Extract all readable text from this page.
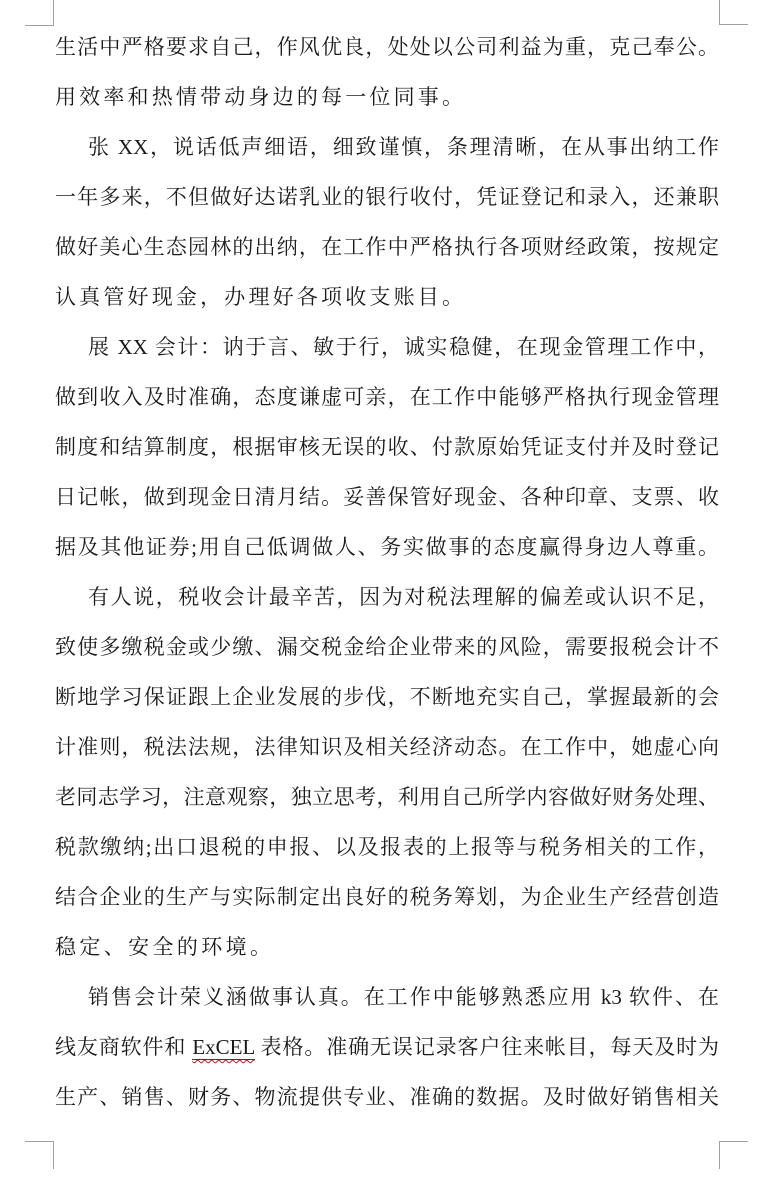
生活中严格要求自己，作风优良，处处以公司利益为重，克己奉公。
用效率和热情带动身边的每一位同事。
张 XX，说话低声细语，细致谨慎，条理清晰，在从事出纳工作
一年多来，不但做好达诺乳业的银行收付，凭证登记和录入，还兼职
做好美心生态园林的出纳，在工作中严格执行各项财经政策，按规定
认真管好现金，办理好各项收支账目。
展 XX 会计：讷于言、敏于行，诚实稳健，在现金管理工作中，
做到收入及时准确，态度谦虚可亲，在工作中能够严格执行现金管理
制度和结算制度，根据审核无误的收、付款原始凭证支付并及时登记
日记帐，做到现金日清月结。妥善保管好现金、各种印章、支票、收
据及其他证券;用自己低调做人、务实做事的态度赢得身边人尊重。
有人说，税收会计最辛苦，因为对税法理解的偏差或认识不足，
致使多缴税金或少缴、漏交税金给企业带来的风险，需要报税会计不
断地学习保证跟上企业发展的步伐，不断地充实自己，掌握最新的会
计准则，税法法规，法律知识及相关经济动态。在工作中，她虚心向
老同志学习，注意观察，独立思考，利用自己所学内容做好财务处理、
税款缴纳;出口退税的申报、以及报表的上报等与税务相关的工作，
结合企业的生产与实际制定出良好的税务筹划，为企业生产经营创造
稳定、安全的环境。
销售会计荣义涵做事认真。在工作中能够熟悉应用 k3 软件、在
线友商软件和 ExCEL 表格。准确无误记录客户往来帐目，每天及时为
生产、销售、财务、物流提供专业、准确的数据。及时做好销售相关
